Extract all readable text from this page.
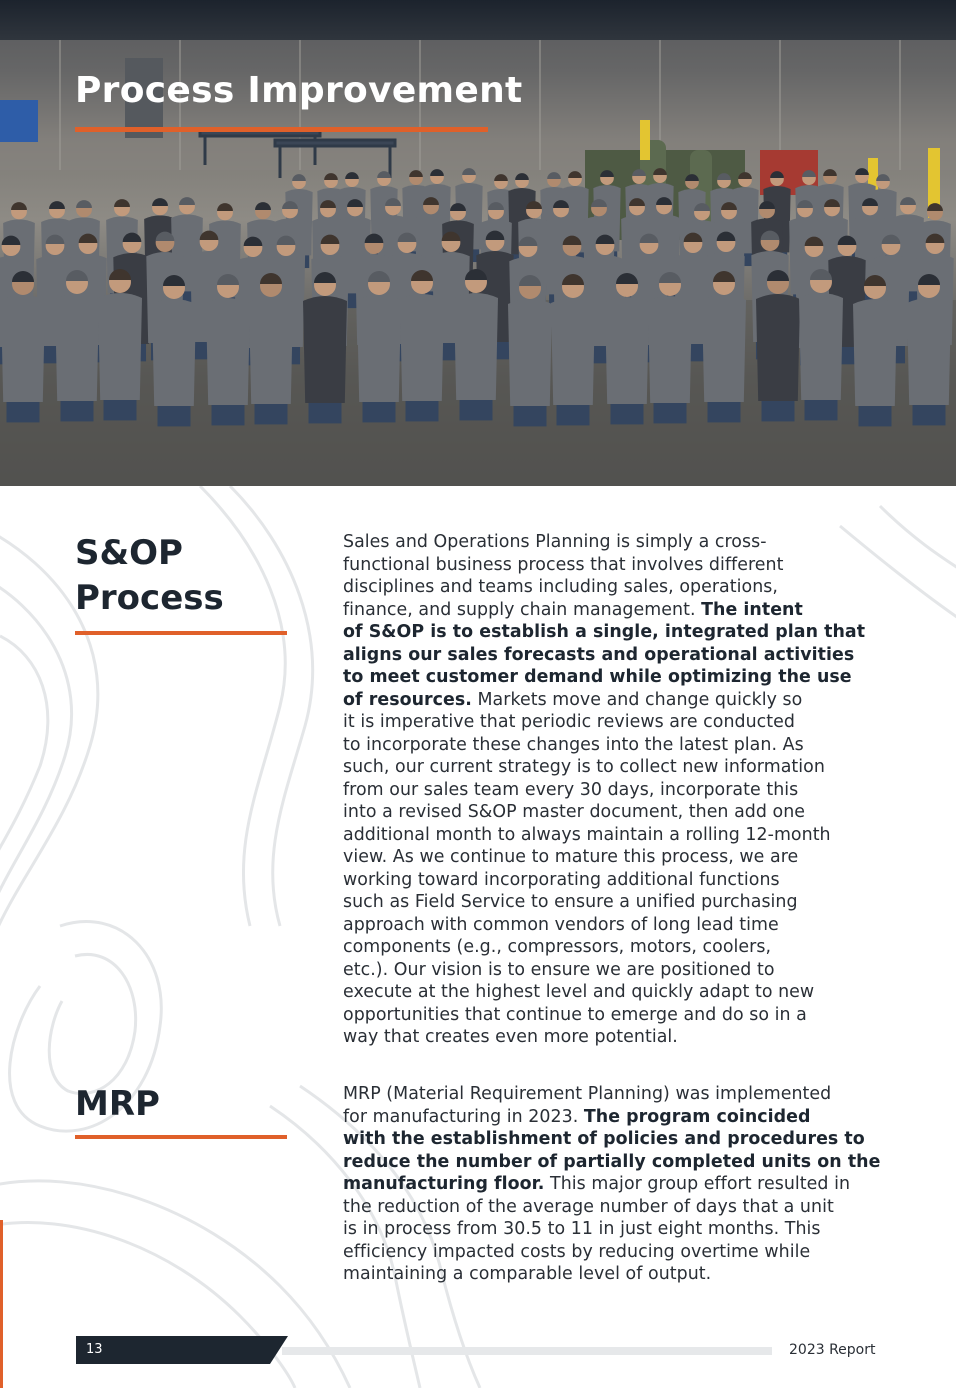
Process Improvement
S&OP
Process

Sales and Operations Planning is simply a cross-
functional business process that involves different
disciplines and teams including sales, operations,
finance, and supply chain management. The intent
of S&OP is to establish a single, integrated plan that
aligns our sales forecasts and operational activities
to meet customer demand while optimizing the use
of resources. Markets move and change quickly so
it is imperative that periodic reviews are conducted
to incorporate these changes into the latest plan. As
such, our current strategy is to collect new information
from our sales team every 30 days, incorporate this
into a revised S&OP master document, then add one
additional month to always maintain a rolling 12-month
view. As we continue to mature this process, we are
working toward incorporating additional functions
such as Field Service to ensure a unified purchasing
approach with common vendors of long lead time
components (e.g., compressors, motors, coolers,
etc.). Our vision is to ensure we are positioned to
execute at the highest level and quickly adapt to new
opportunities that continue to emerge and do so in a
way that creates even more potential.

MRP	MRP (Material Requirement Planning) was implemented
for manufacturing in 2023. The program coincided
with the establishment of policies and procedures to
reduce the number of partially completed units on the
manufacturing floor. This major group effort resulted in
the reduction of the average number of days that a unit
is in process from 30.5 to 11 in just eight months. This
efficiency impacted costs by reducing overtime while
maintaining a comparable level of output.

13	2023 Report
